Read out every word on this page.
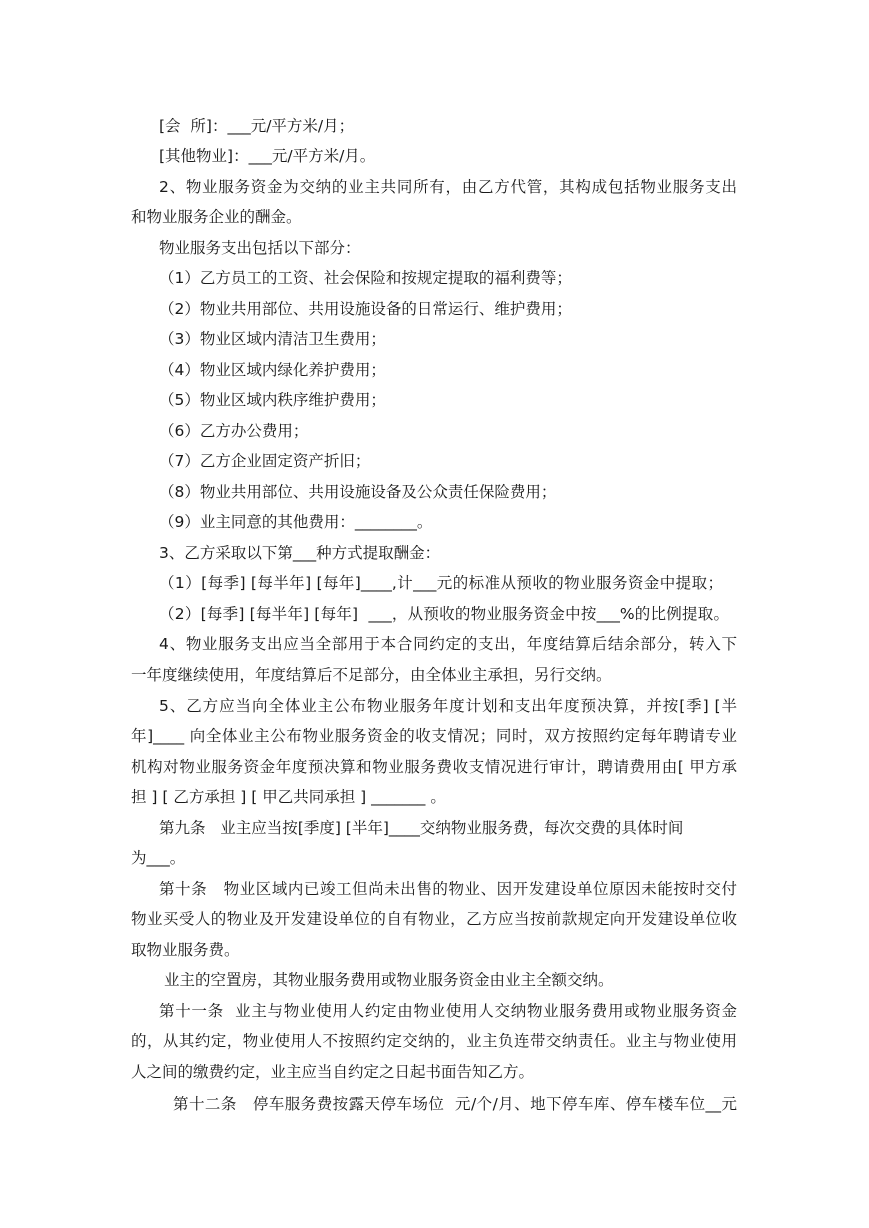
[会  所]：___元/平方米/月；
[其他物业]：___元/平方米/月。
2、物业服务资金为交纳的业主共同所有，由乙方代管，其构成包括物业服务支出
和物业服务企业的酬金。
物业服务支出包括以下部分：
（1）乙方员工的工资、社会保险和按规定提取的福利费等；
（2）物业共用部位、共用设施设备的日常运行、维护费用；
（3）物业区域内清洁卫生费用；
（4）物业区域内绿化养护费用；
（5）物业区域内秩序维护费用；
（6）乙方办公费用；
（7）乙方企业固定资产折旧；
（8）物业共用部位、共用设施设备及公众责任保险费用；
（9）业主同意的其他费用：________。
3、乙方采取以下第___种方式提取酬金：
（1）[每季] [每半年] [每年]____,计___元的标准从预收的物业服务资金中提取；
（2）[每季] [每半年] [每年]  ___，从预收的物业服务资金中按___%的比例提取。
4、物业服务支出应当全部用于本合同约定的支出，年度结算后结余部分，转入下
一年度继续使用，年度结算后不足部分，由全体业主承担，另行交纳。
5、乙方应当向全体业主公布物业服务年度计划和支出年度预决算，并按[季] [半
年]____ 向全体业主公布物业服务资金的收支情况；同时，双方按照约定每年聘请专业
机构对物业服务资金年度预决算和物业服务费收支情况进行审计，聘请费用由[ 甲方承
担 ] [ 乙方承担 ] [ 甲乙共同承担 ] _______ 。
第九条   业主应当按[季度] [半年]____交纳物业服务费，每次交费的具体时间
为___。
第十条   物业区域内已竣工但尚未出售的物业、因开发建设单位原因未能按时交付
物业买受人的物业及开发建设单位的自有物业，乙方应当按前款规定向开发建设单位收
取物业服务费。
业主的空置房，其物业服务费用或物业服务资金由业主全额交纳。
第十一条  业主与物业使用人约定由物业使用人交纳物业服务费用或物业服务资金
的，从其约定，物业使用人不按照约定交纳的，业主负连带交纳责任。业主与物业使用
人之间的缴费约定，业主应当自约定之日起书面告知乙方。
第十二条   停车服务费按露天停车场位  元/个/月、地下停车库、停车楼车位__元
